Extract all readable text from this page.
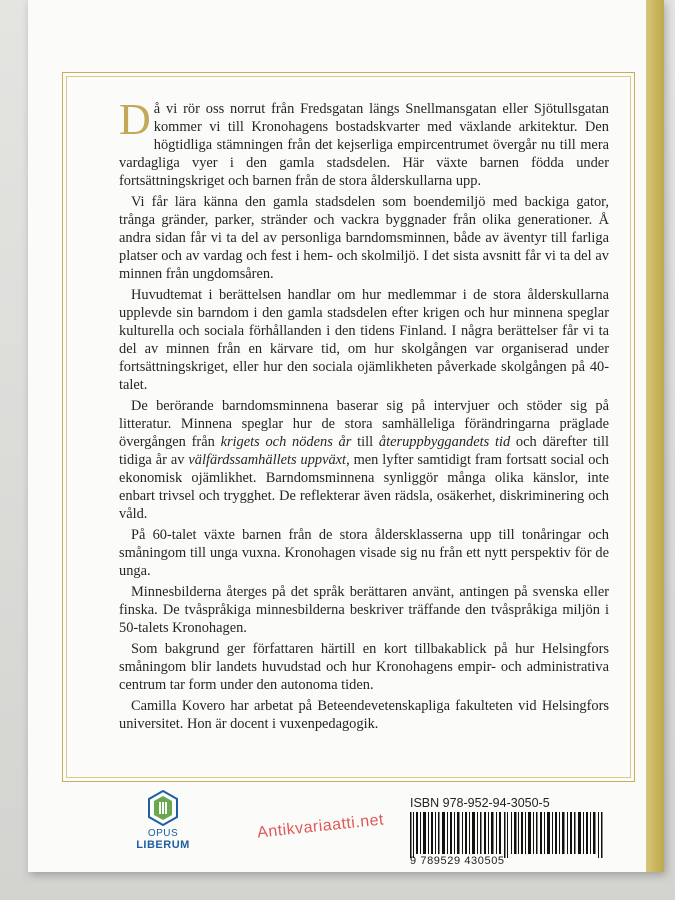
Då vi rör oss norrut från Fredsgatan längs Snellmansgatan eller Sjötullsgatan kommer vi till Kronohagens bostadskvarter med växlande arkitektur. Den högtidliga stämningen från det kejserliga empircentrumet övergår nu till mera vardagliga vyer i den gamla stadsdelen. Här växte barnen födda under fortsättningskriget och barnen från de stora ålderskullarna upp.

Vi får lära känna den gamla stadsdelen som boendemiljö med backiga gator, trånga gränder, parker, stränder och vackra byggnader från olika generationer. Å andra sidan får vi ta del av personliga barndomsminnen, både av äventyr till farliga platser och av vardag och fest i hem- och skolmiljö. I det sista avsnitt får vi ta del av minnen från ungdomsåren.

Huvudtemat i berättelsen handlar om hur medlemmar i de stora ålderskullarna upplevde sin barndom i den gamla stadsdelen efter krigen och hur minnena speglar kulturella och sociala förhållanden i den tidens Finland. I några berättelser får vi ta del av minnen från en kärvare tid, om hur skolgången var organiserad under fortsättningskriget, eller hur den sociala ojämlikheten påverkade skolgången på 40-talet.

De berörande barndomsminnena baserar sig på intervjuer och stöder sig på litteratur. Minnena speglar hur de stora samhälleliga förändringarna präglade övergången från krigets och nödens år till återuppbyggandets tid och därefter till tidiga år av välfärdssamhällets uppväxt, men lyfter samtidigt fram fortsatt social och ekonomisk ojämlikhet. Barndomsminnena synliggör många olika känslor, inte enbart trivsel och trygghet. De reflekterar även rädsla, osäkerhet, diskriminering och våld.

På 60-talet växte barnen från de stora åldersklasserna upp till tonåringar och småningom till unga vuxna. Kronohagen visade sig nu från ett nytt perspektiv för de unga.

Minnesbilderna återges på det språk berättaren använt, antingen på svenska eller finska. De tvåspråkiga minnesbilderna beskriver träffande den tvåspråkiga miljön i 50-talets Kronohagen.

Som bakgrund ger författaren härtill en kort tillbakablick på hur Helsingfors småningom blir landets huvudstad och hur Kronohagens empir- och administrativa centrum tar form under den autonoma tiden.

Camilla Kovero har arbetat på Beteendevetenskapliga fakulteten vid Helsingfors universitet. Hon är docent i vuxenpedagogik.

OPUS
LIBERUM
ISBN 978-952-94-3050-5
9 789529 430505
Antikvariaatti.net
